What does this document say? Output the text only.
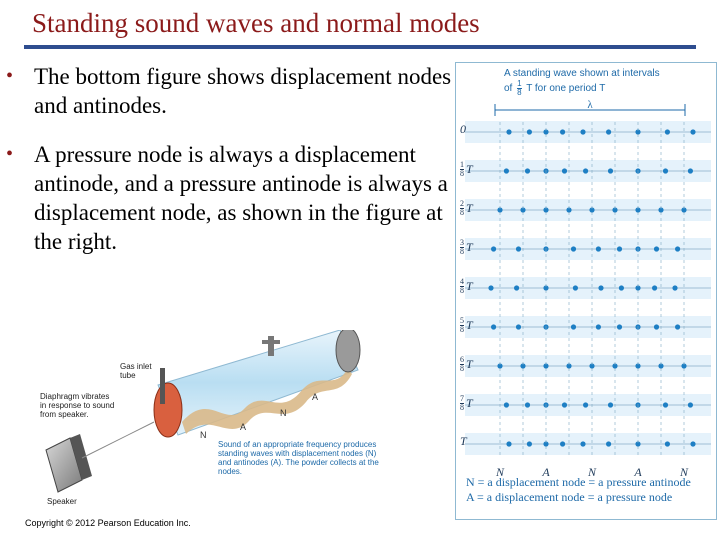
Standing sound waves and normal modes
• The bottom figure shows displacement nodes and antinodes.
• A pressure node is always a displacement antinode, and a pressure antinode is always a displacement node, as shown in the figure at the right.
N
A
N
A
Gas inlet tube
Diaphragm vibrates in response to sound from speaker.
Speaker
Sound of an appropriate frequency produces standing waves with displacement nodes (N) and antinodes (A). The powder collects at the nodes.
Copyright © 2012 Pearson Education Inc.
A standing wave shown at intervals
of $\frac{1}{8}$ T for one period T
λ
N	A	N	A	N
0
$\frac{1}{8}$ T
$\frac{2}{8}$ T
$\frac{3}{8}$ T
$\frac{4}{8}$ T
$\frac{5}{8}$ T
$\frac{6}{8}$ T
$\frac{7}{8}$ T
T
N = a displacement node = a pressure antinode
A = a displacement node = a pressure node
